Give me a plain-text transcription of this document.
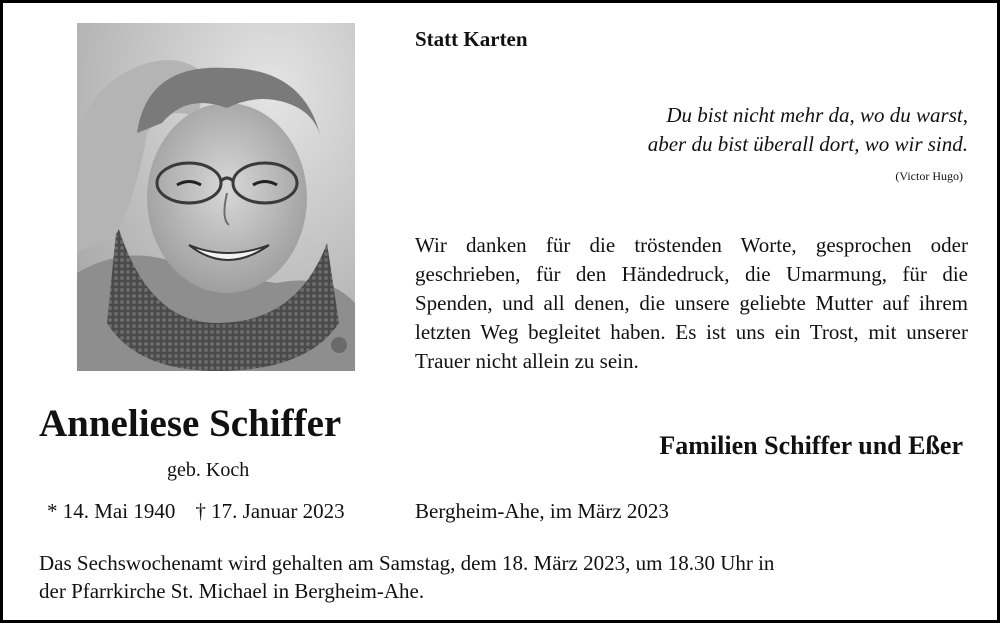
Statt Karten
Du bist nicht mehr da, wo du warst,
aber du bist überall dort, wo wir sind.
(Victor Hugo)
Wir danken für die tröstenden Worte, gesprochen oder geschrieben, für den Händedruck, die Umarmung, für die Spenden, und all denen, die unsere geliebte Mutter auf ihrem letzten Weg begleitet haben. Es ist uns ein Trost, mit unserer Trauer nicht allein zu sein.
Anneliese Schiffer
geb. Koch
Familien Schiffer und Eßer
* 14. Mai 1940 † 17. Januar 2023	Bergheim-Ahe, im März 2023
Das Sechswochenamt wird gehalten am Samstag, dem 18. März 2023, um 18.30 Uhr in
der Pfarrkirche St. Michael in Bergheim-Ahe.
